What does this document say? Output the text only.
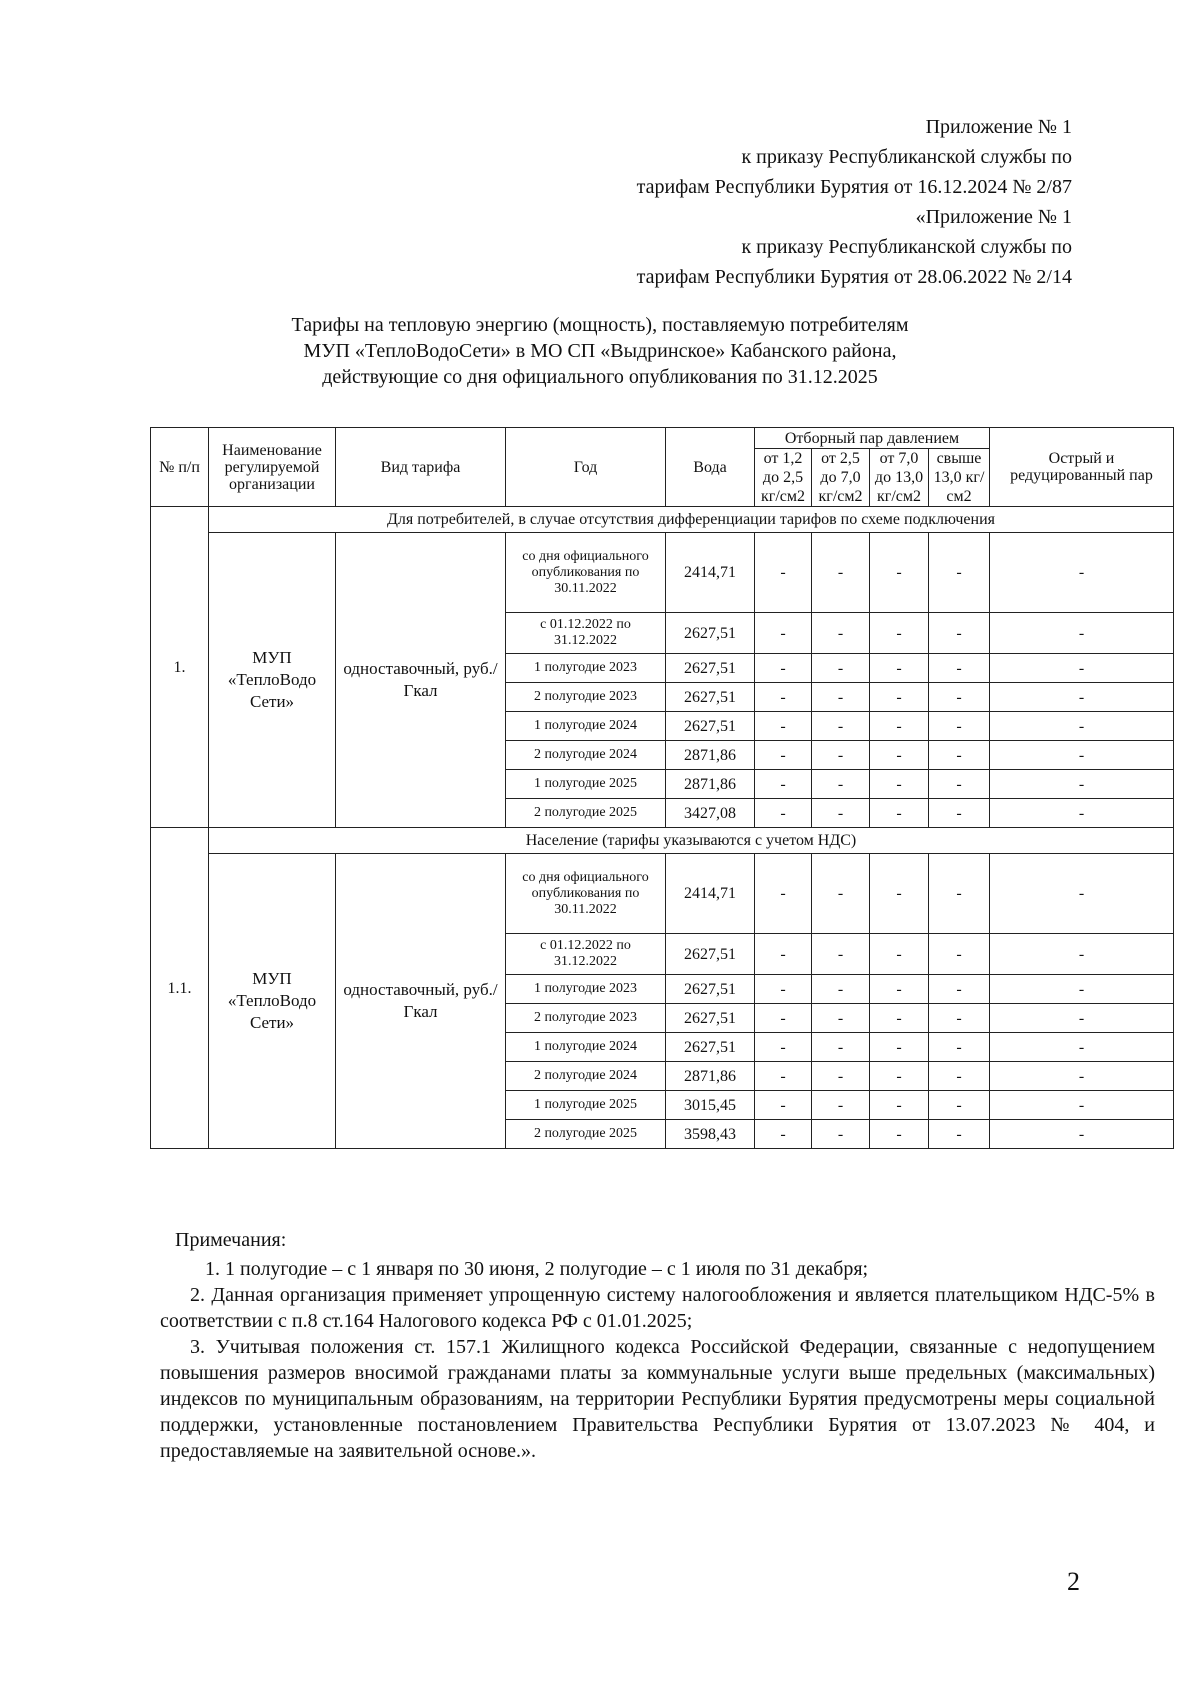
Приложение № 1
к приказу Республиканской службы по
тарифам Республики Бурятия от 16.12.2024 № 2/87
«Приложение № 1
к приказу Республиканской службы по
тарифам Республики Бурятия от 28.06.2022 № 2/14
Тарифы на тепловую энергию (мощность), поставляемую потребителям
МУП «ТеплоВодоСети» в МО СП «Выдринское» Кабанского района,
действующие со дня официального опубликования по 31.12.2025
№ п/п	Наименование регулируемой организации	Вид тарифа	Год	Вода	Отборный пар давлением				Острый и редуцированный пар
					от 1,2 до 2,5 кг/см2	от 2,5 до 7,0 кг/см2	от 7,0 до 13,0 кг/см2	свыше 13,0 кг/см2	
1.	Для потребителей, в случае отсутствия дифференциации тарифов по схеме подключения								
	МУП «ТеплоВодо Сети»	одноставочный, руб./Гкал	со дня официального опубликования по 30.11.2022	2414,71	-	-	-	-	-
			с 01.12.2022 по 31.12.2022	2627,51	-	-	-	-	-
			1 полугодие 2023	2627,51	-	-	-	-	-
			2 полугодие 2023	2627,51	-	-	-	-	-
			1 полугодие 2024	2627,51	-	-	-	-	-
			2 полугодие 2024	2871,86	-	-	-	-	-
			1 полугодие 2025	2871,86	-	-	-	-	-
			2 полугодие 2025	3427,08	-	-	-	-	-
1.1.	Население (тарифы указываются с учетом НДС)								
	МУП «ТеплоВодо Сети»	одноставочный, руб./Гкал	со дня официального опубликования по 30.11.2022	2414,71	-	-	-	-	-
			с 01.12.2022 по 31.12.2022	2627,51	-	-	-	-	-
			1 полугодие 2023	2627,51	-	-	-	-	-
			2 полугодие 2023	2627,51	-	-	-	-	-
			1 полугодие 2024	2627,51	-	-	-	-	-
			2 полугодие 2024	2871,86	-	-	-	-	-
			1 полугодие 2025	3015,45	-	-	-	-	-
			2 полугодие 2025	3598,43	-	-	-	-	-
Примечания:
1. 1 полугодие – с 1 января по 30 июня, 2 полугодие – с 1 июля по 31 декабря;
2. Данная организация применяет упрощенную систему налогообложения и является плательщиком НДС-5% в соответствии с п.8 ст.164 Налогового кодекса РФ с 01.01.2025;
3. Учитывая положения ст. 157.1 Жилищного кодекса Российской Федерации, связанные с недопущением повышения размеров вносимой гражданами платы за коммунальные услуги выше предельных (максимальных) индексов по муниципальным образованиям, на территории Республики Бурятия предусмотрены меры социальной поддержки, установленные постановлением Правительства Республики Бурятия от 13.07.2023 № 404, и предоставляемые на заявительной основе.».
2
